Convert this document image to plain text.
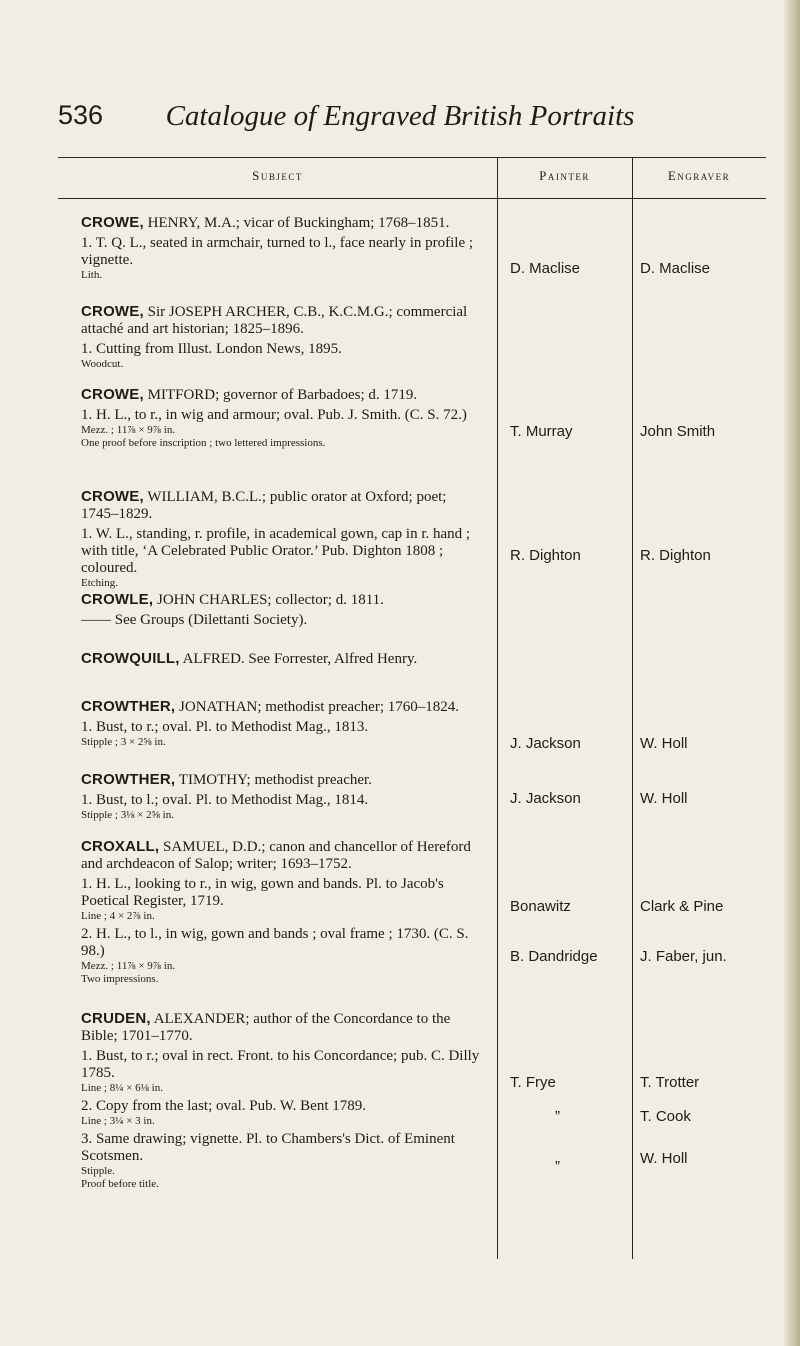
536	Catalogue of Engraved British Portraits
Subject	Painter	Engraver

CROWE, HENRY, M.A.; vicar of Buckingham; 1768–1851.

1. T. Q. L., seated in armchair, turned to l., face nearly in profile ; vignette.

Lith.	D. Maclise	D. Maclise

CROWE, Sir JOSEPH ARCHER, C.B., K.C.M.G.; commercial attaché and art historian; 1825–1896.

1. Cutting from Illust. London News, 1895.

Woodcut.

CROWE, MITFORD; governor of Barbadoes; d. 1719.

1. H. L., to r., in wig and armour; oval. Pub. J. Smith. (C. S. 72.)

Mezz. ; 11⅞ × 9⅞ in.

One proof before inscription ; two lettered impressions.

T. Murray	John Smith

CROWE, WILLIAM, B.C.L.; public orator at Oxford; poet; 1745–1829.

1. W. L., standing, r. profile, in academical gown, cap in r. hand ; with title, ‘A Celebrated Public Orator.’ Pub. Dighton 1808 ; coloured.

Etching.

R. Dighton	R. Dighton

CROWLE, JOHN CHARLES; collector; d. 1811.

—— See Groups (Dilettanti Society).

CROWQUILL, ALFRED. See Forrester, Alfred Henry.

CROWTHER, JONATHAN; methodist preacher; 1760–1824.

1. Bust, to r.; oval. Pl. to Methodist Mag., 1813.

Stipple ; 3 × 2⅝ in.	J. Jackson	W. Holl

CROWTHER, TIMOTHY; methodist preacher.

1. Bust, to l.; oval. Pl. to Methodist Mag., 1814.

Stipple ; 3⅛ × 2⅝ in.

J. Jackson	W. Holl

CROXALL, SAMUEL, D.D.; canon and chancellor of Hereford and archdeacon of Salop; writer; 1693–1752.

1. H. L., looking to r., in wig, gown and bands. Pl. to Jacob's Poetical Register, 1719.

Line ; 4 × 2⅞ in.

2. H. L., to l., in wig, gown and bands ; oval frame ; 1730. (C. S. 98.)

Mezz. ; 11⅞ × 9⅞ in.

Two impressions.

Bonawitz	Clark & Pine
B. Dandridge	J. Faber, jun.

CRUDEN, ALEXANDER; author of the Concordance to the Bible; 1701–1770.

1. Bust, to r.; oval in rect. Front. to his Concordance; pub. C. Dilly 1785.

Line ; 8¼ × 6⅛ in.

2. Copy from the last; oval. Pub. W. Bent 1789.

Line ; 3¼ × 3 in.

3. Same drawing; vignette. Pl. to Chambers's Dict. of Eminent Scotsmen.

Stipple.

Proof before title.

T. Frye	T. Trotter
”	T. Cook
”	W. Holl
